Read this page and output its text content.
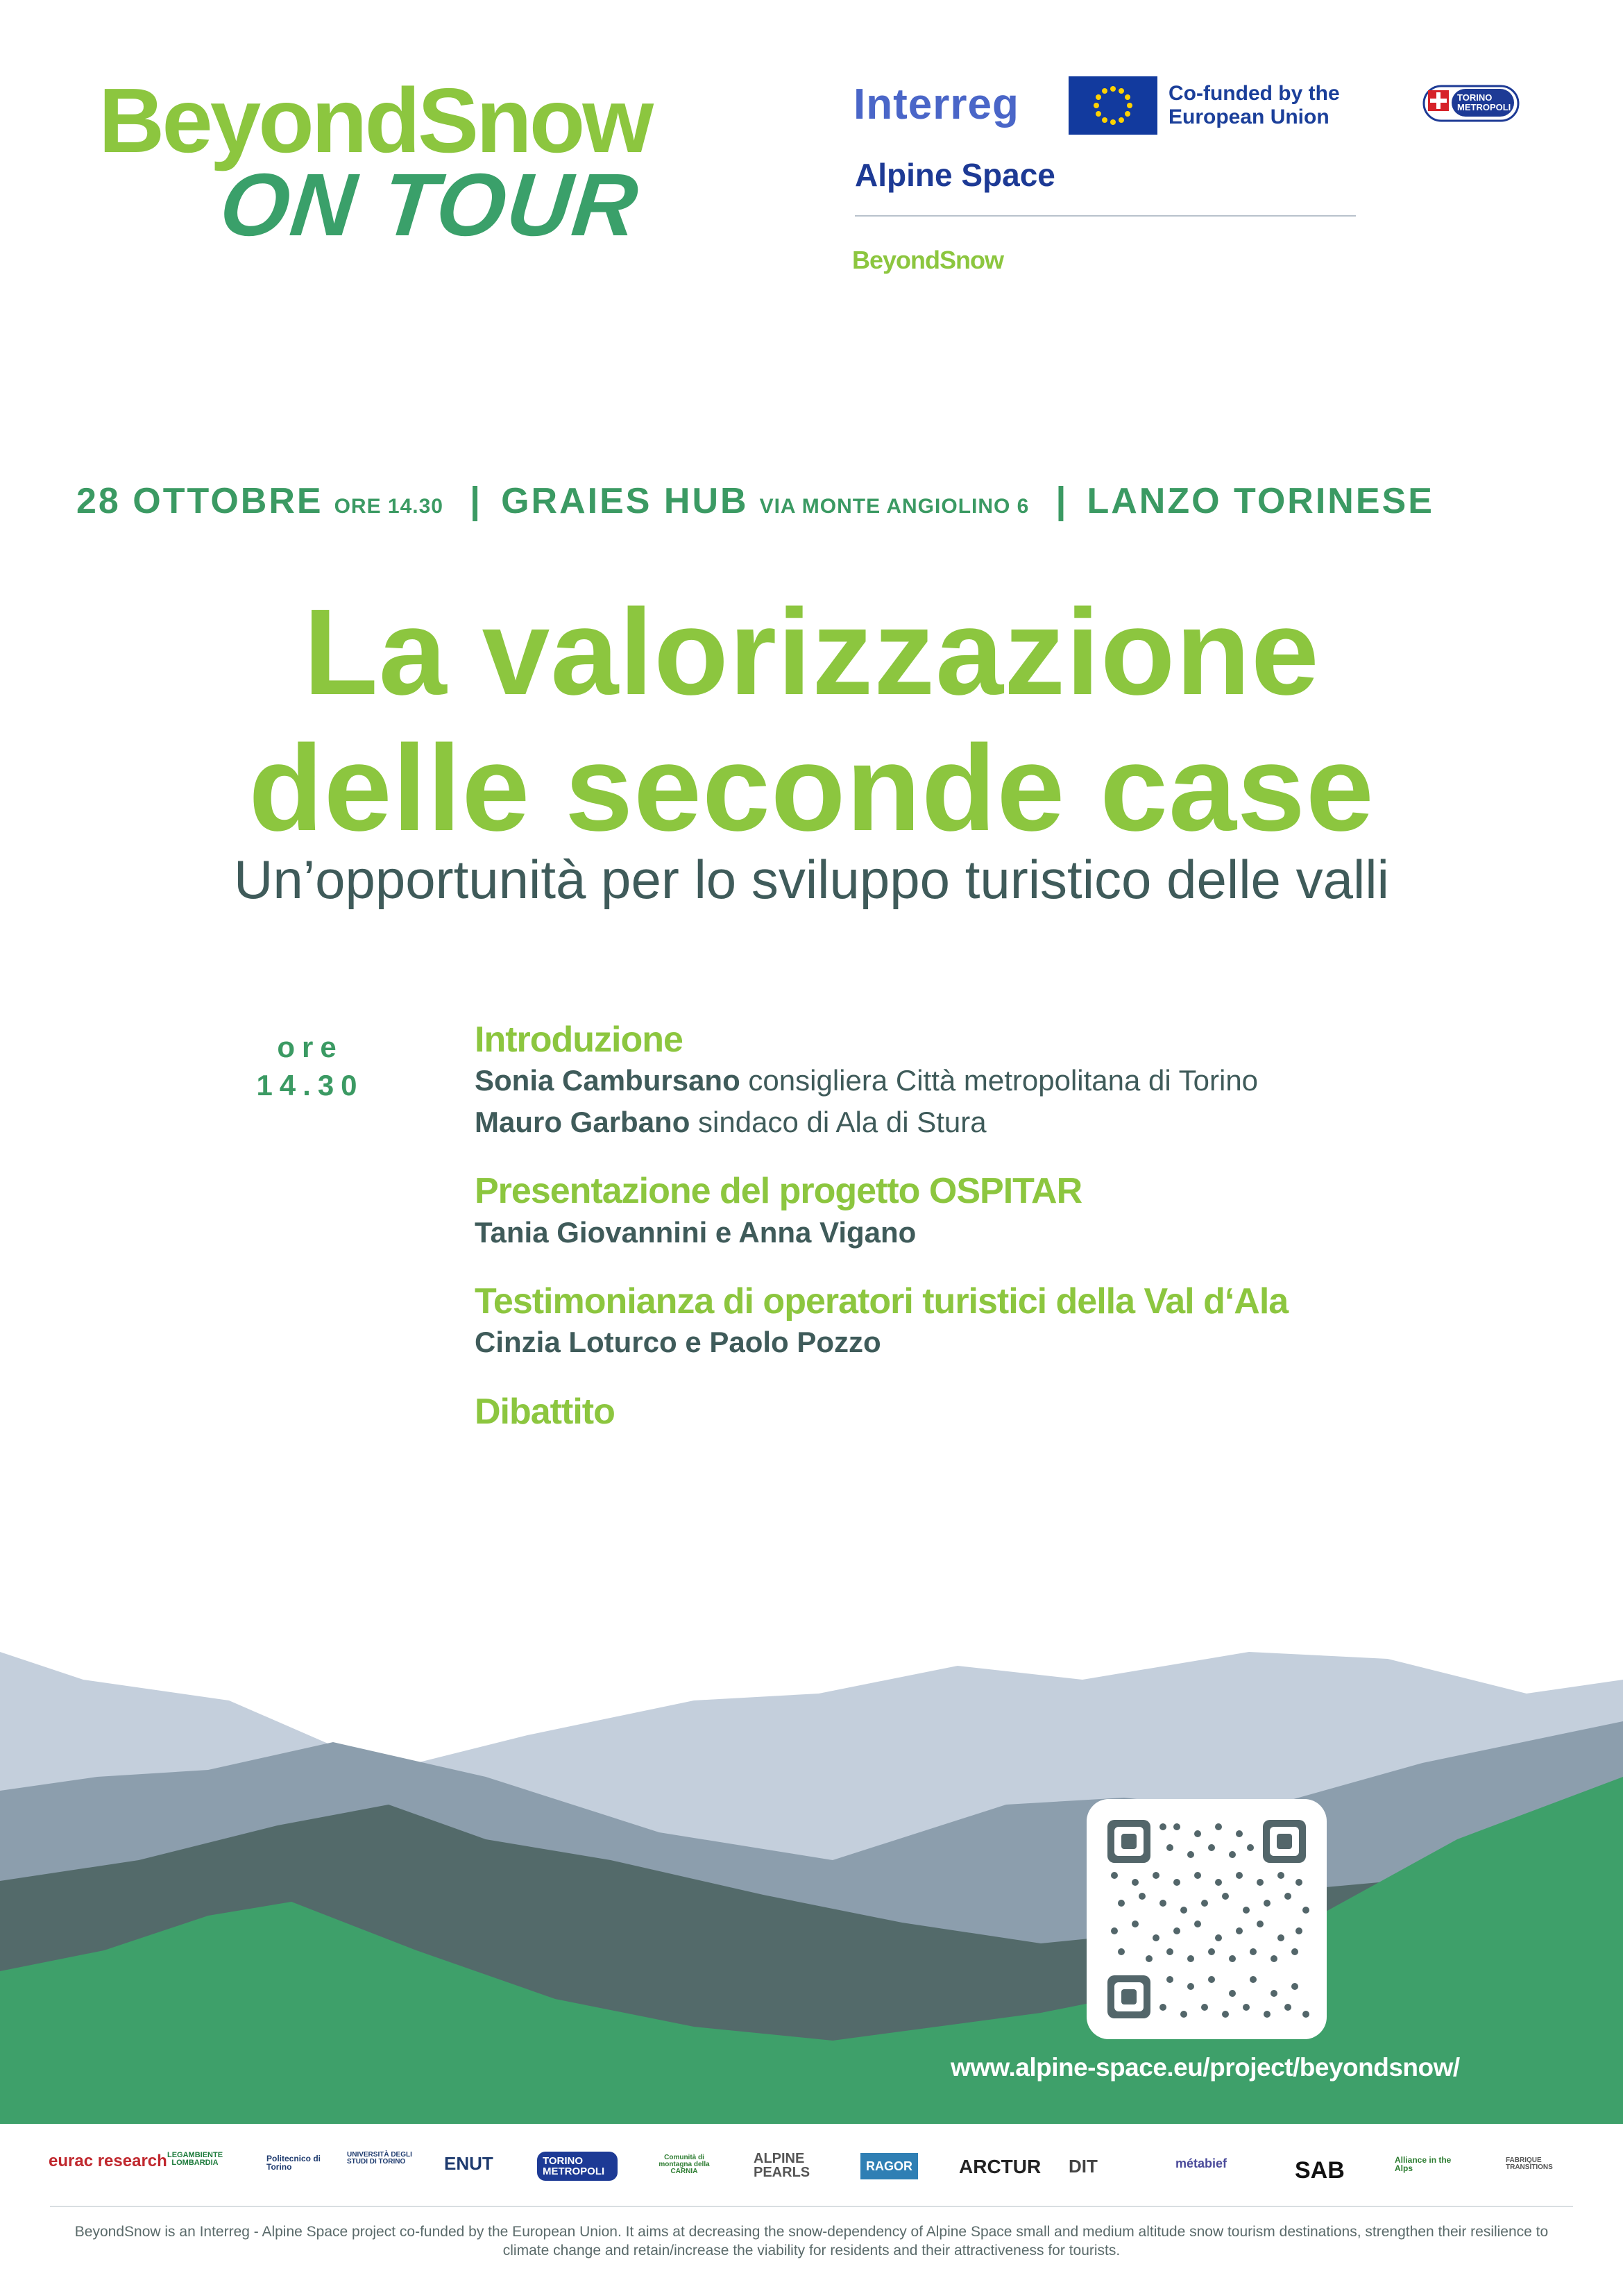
BeyondSnow
ON TOUR
Interreg	Co-funded by the European Union
Alpine Space
BeyondSnow
TORINO METROPOLI
28 OTTOBRE ORE 14.30 | GRAIES HUB VIA MONTE ANGIOLINO 6 | LANZO TORINESE
La valorizzazione
delle seconde case
Un’opportunità per lo sviluppo turistico delle valli
ore
14.30
Introduzione
Sonia Cambursano consigliera Città metropolitana di Torino
Mauro Garbano sindaco di Ala di Stura
Presentazione del progetto OSPITAR
Tania Giovannini e Anna Vigano
Testimonianza di operatori turistici della Val d‘Ala
Cinzia Loturco e Paolo Pozzo
Dibattito
www.alpine-space.eu/project/beyondsnow/
eurac research LEGAMBIENTE LOMBARDIA	Politecnico di Torino
UNIVERSITÀ DEGLI STUDI DI TORINO	ENUT	TORINO METROPOLI
Comunità di montagna della CARNIA
ALPINE PEARLS	RAGOR ARCTUR DIT	métabief	SAB	Alliance in the Alps
FABRIQUE TRANSITIONS
BeyondSnow is an Interreg - Alpine Space project co-funded by the European Union. It aims at decreasing the snow-dependency of Alpine Space small and medium altitude snow tourism destinations, strengthen their resilience to climate change and retain/increase the viability for residents and their attractiveness for tourists.
